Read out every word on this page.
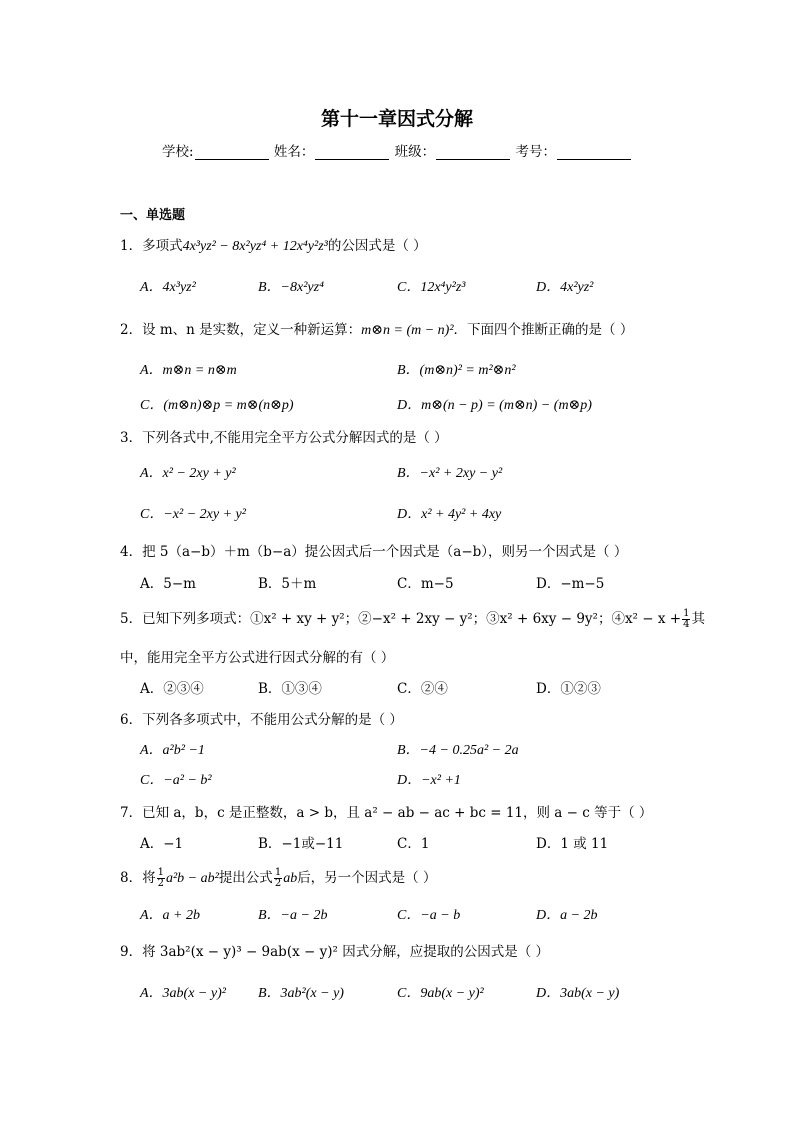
第十一章因式分解
学校:	姓名：	班级：	考号：
一、单选题
1．多项式4x³yz² − 8x²yz⁴ + 12x⁴y²z³的公因式是（ ）
A．4x³yz²	B．−8x²yz⁴	C．12x⁴y²z³	D．4x²yz²
2．设 m、n 是实数，定义一种新运算：m⊗n = (m − n)²．下面四个推断正确的是（ ）
A．m⊗n = n⊗m	B．(m⊗n)² = m²⊗n²
C．(m⊗n)⊗p = m⊗(n⊗p)	D．m⊗(n − p) = (m⊗n) − (m⊗p)
3．下列各式中,不能用完全平方公式分解因式的是（ ）
A．x² − 2xy + y²	B．−x² + 2xy − y²
C．−x² − 2xy + y²	D．x² + 4y² + 4xy
4．把 5（a−b）＋m（b−a）提公因式后一个因式是（a−b），则另一个因式是（ ）
A．5−m	B．5＋m	C．m−5	D．−m−5
5．已知下列多项式：①x² + xy + y²；②−x² + 2xy − y²；③x² + 6xy − 9y²；④x² − $x + \frac{1}{4}$ 其
中，能用完全平方公式进行因式分解的有（ ）
A．②③④	B．①③④	C．②④	D．①②③
6．下列各多项式中，不能用公式分解的是（ ）
A．a²b² −1	B．−4 − 0.25a² − 2a
C．−a² − b²	D．−x² +1
7．已知 a，b，c 是正整数，a > b，且 a² − ab − ac + bc = 11，则 a − c 等于（ ）
A．−1	B．−1或−11	C．1	D．1 或 11
8．将 $\frac{1}{2} a^2b - ab^2$提出公式 $\frac{1}{2}$ ab后，另一个因式是（ ）
A．a + 2b	B．−a − 2b	C．−a − b	D．a − 2b
9．将 3ab²(x − y)³ − 9ab(x − y)² 因式分解，应提取的公因式是（ ）
A．3ab(x − y)² B．3ab²(x − y)	C．9ab(x − y)²	D．3ab(x − y)
